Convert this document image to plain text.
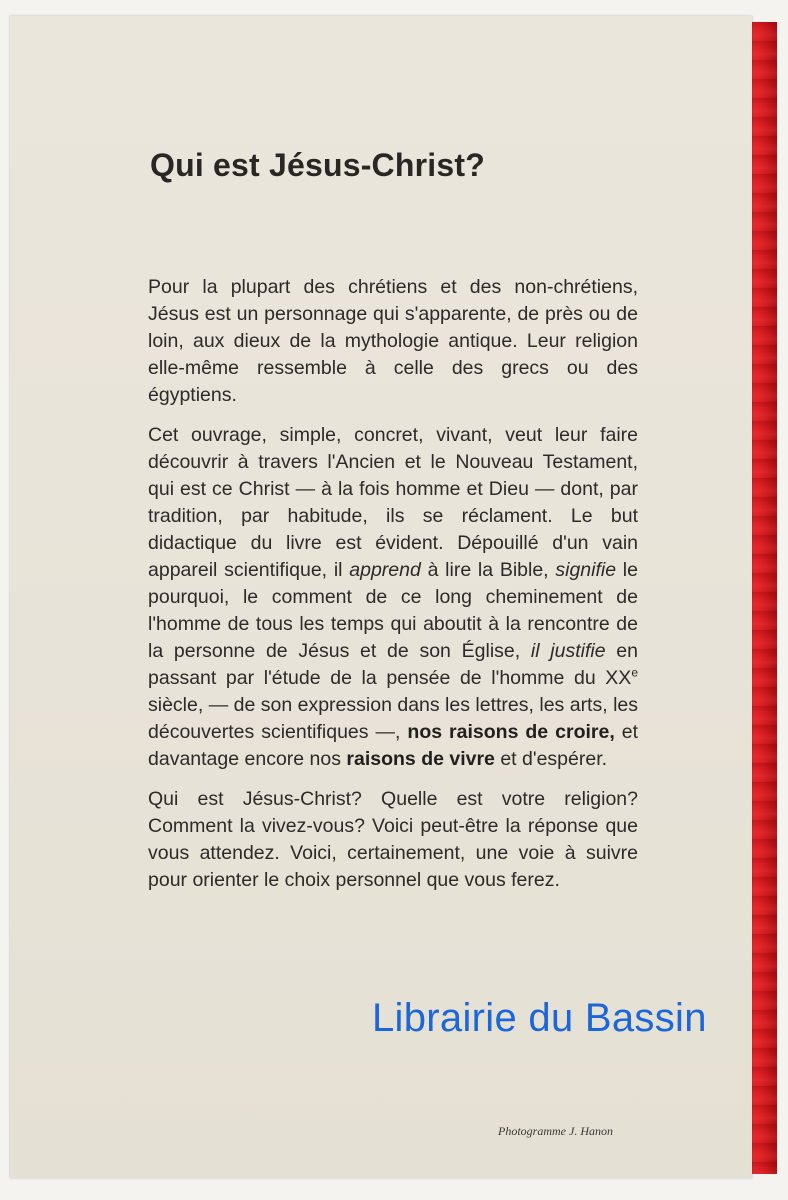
Qui est Jésus-Christ?

Pour la plupart des chrétiens et des non-chrétiens, Jésus est un personnage qui s'apparente, de près ou de loin, aux dieux de la mythologie antique. Leur religion elle-même ressemble à celle des grecs ou des égyptiens.

Cet ouvrage, simple, concret, vivant, veut leur faire découvrir à travers l'Ancien et le Nouveau Testament, qui est ce Christ — à la fois homme et Dieu — dont, par tradition, par habitude, ils se réclament. Le but didactique du livre est évident. Dépouillé d'un vain appareil scientifique, il apprend à lire la Bible, signifie le pourquoi, le comment de ce long cheminement de l'homme de tous les temps qui aboutit à la rencontre de la personne de Jésus et de son Église, il justifie en passant par l'étude de la pensée de l'homme du XXe siècle, — de son expression dans les lettres, les arts, les découvertes scientifiques —, nos raisons de croire, et davantage encore nos raisons de vivre et d'espérer.

Qui est Jésus-Christ? Quelle est votre religion? Comment la vivez-vous? Voici peut-être la réponse que vous attendez. Voici, certainement, une voie à suivre pour orienter le choix personnel que vous ferez.

Librairie du Bassin
Photogramme J. Hanon
